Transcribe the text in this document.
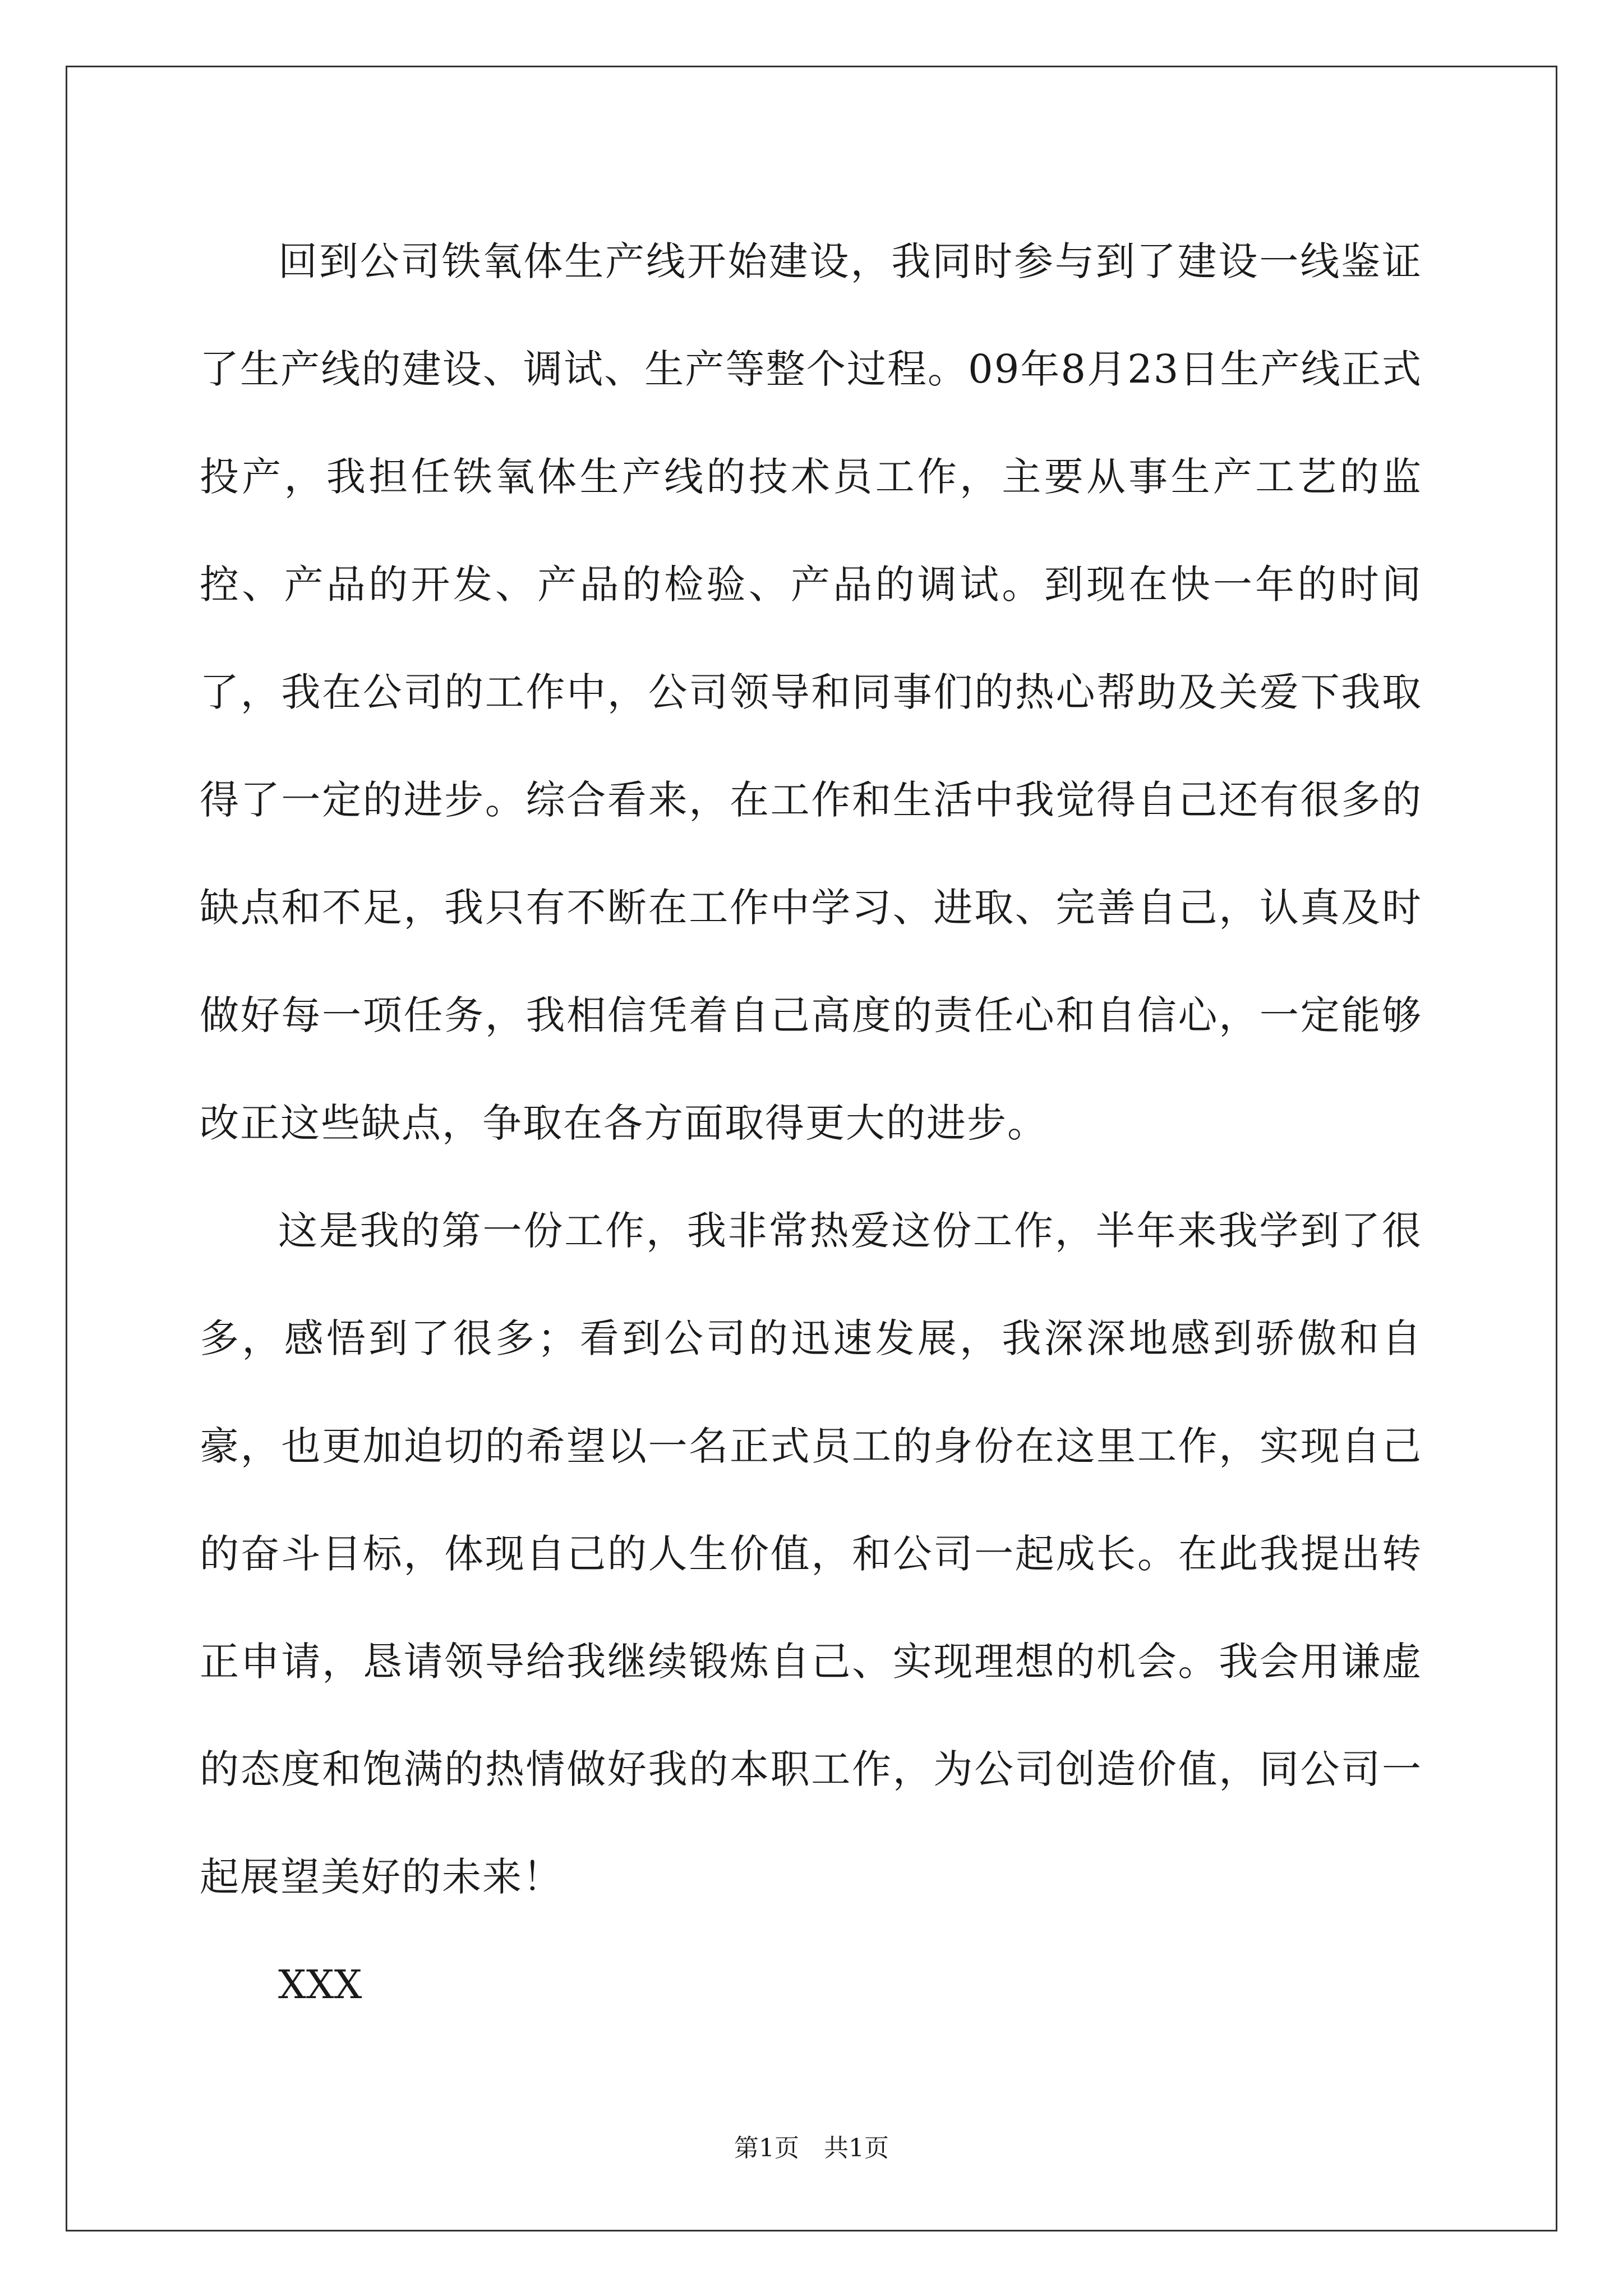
回到公司铁氧体生产线开始建设，我同时参与到了建设一线鉴证了生产线的建设、调试、生产等整个过程。09年8月23日生产线正式投产，我担任铁氧体生产线的技术员工作，主要从事生产工艺的监控、产品的开发、产品的检验、产品的调试。到现在快一年的时间了，我在公司的工作中，公司领导和同事们的热心帮助及关爱下我取得了一定的进步。综合看来，在工作和生活中我觉得自己还有很多的缺点和不足，我只有不断在工作中学习、进取、完善自己，认真及时做好每一项任务，我相信凭着自己高度的责任心和自信心，一定能够改正这些缺点，争取在各方面取得更大的进步。

这是我的第一份工作，我非常热爱这份工作，半年来我学到了很多，感悟到了很多；看到公司的迅速发展，我深深地感到骄傲和自豪，也更加迫切的希望以一名正式员工的身份在这里工作，实现自己的奋斗目标，体现自己的人生价值，和公司一起成长。在此我提出转正申请，恳请领导给我继续锻炼自己、实现理想的机会。我会用谦虚的态度和饱满的热情做好我的本职工作，为公司创造价值，同公司一起展望美好的未来！

XXX

第1页　共1页
